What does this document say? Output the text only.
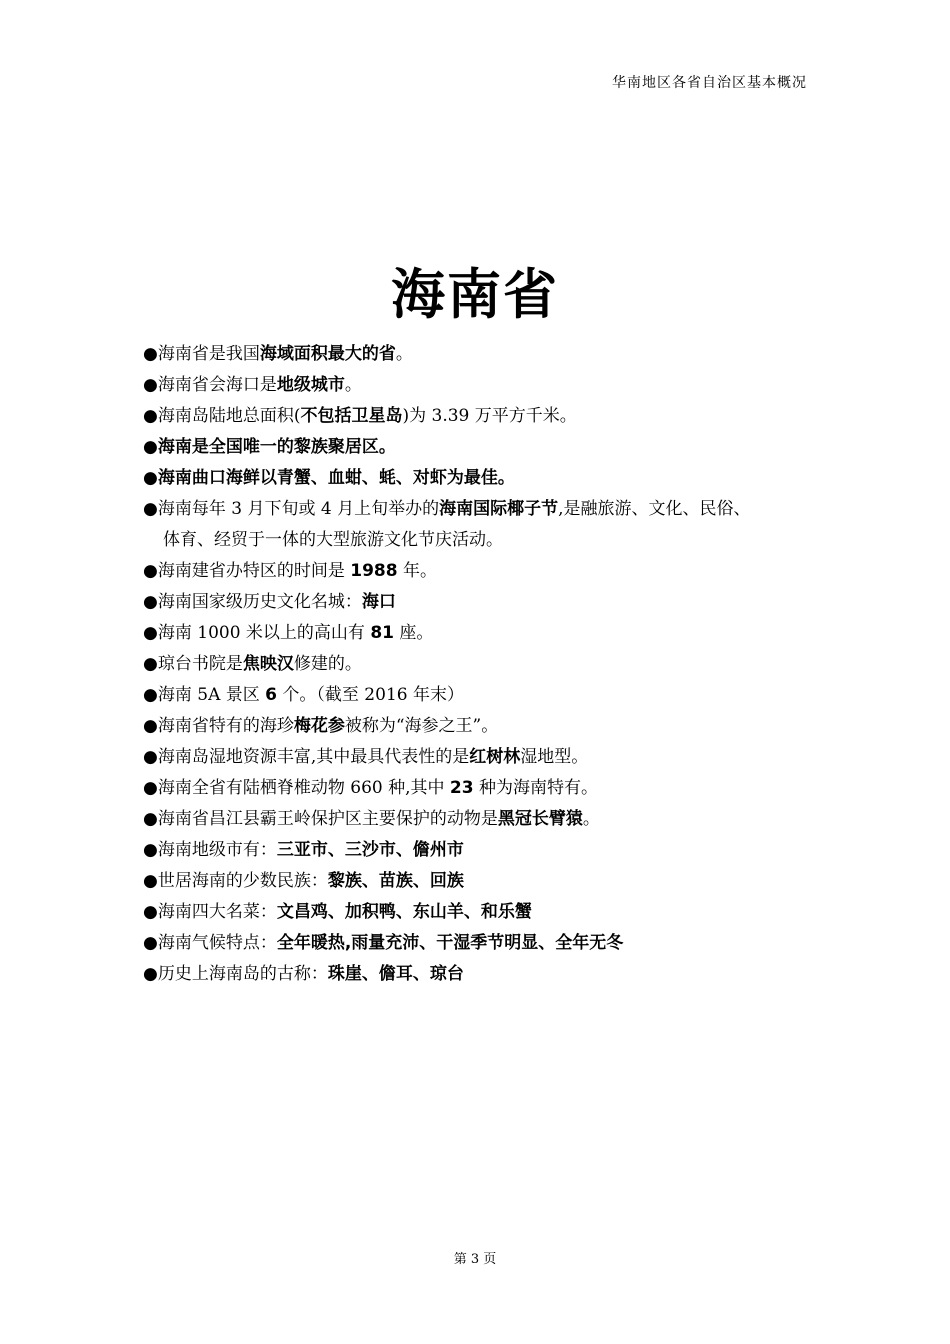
华南地区各省自治区基本概况
海南省
●海南省是我国海域面积最大的省。
●海南省会海口是地级城市。
●海南岛陆地总面积(不包括卫星岛)为 3.39 万平方千米。
●海南是全国唯一的黎族聚居区。
●海南曲口海鲜以青蟹、血蚶、蚝、对虾为最佳。
●海南每年 3 月下旬或 4 月上旬举办的海南国际椰子节,是融旅游、文化、民俗、
体育、经贸于一体的大型旅游文化节庆活动。
●海南建省办特区的时间是 1988 年。
●海南国家级历史文化名城：海口
●海南 1000 米以上的高山有 81 座。
●琼台书院是焦映汉修建的。
●海南 5A 景区 6 个。（截至 2016 年末）
●海南省特有的海珍梅花参被称为“海参之王”。
●海南岛湿地资源丰富,其中最具代表性的是红树林湿地型。
●海南全省有陆栖脊椎动物 660 种,其中 23 种为海南特有。
●海南省昌江县霸王岭保护区主要保护的动物是黑冠长臂猿。
●海南地级市有：三亚市、三沙市、儋州市
●世居海南的少数民族：黎族、苗族、回族
●海南四大名菜：文昌鸡、加积鸭、东山羊、和乐蟹
●海南气候特点：全年暖热,雨量充沛、干湿季节明显、全年无冬
●历史上海南岛的古称：珠崖、儋耳、琼台
第 3 页
